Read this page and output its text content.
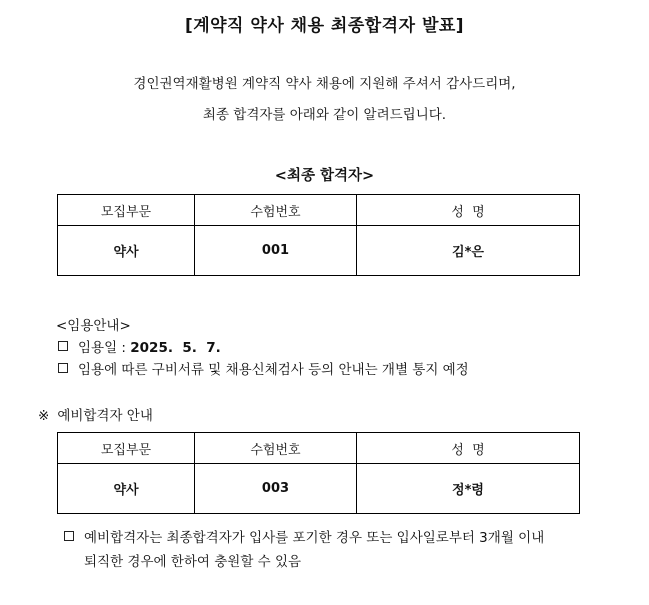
[계약직 약사 채용 최종합격자 발표]
경인권역재활병원 계약직 약사 채용에 지원해 주셔서 감사드리며,
최종 합격자를 아래와 같이 알려드립니다.
<최종 합격자>
모집부문	수험번호	성  명
약사	001	김*은
<임용안내>
임용일 : 2025.  5.  7.
임용에 따른 구비서류 및 채용신체검사 등의 안내는 개별 통지 예정
※ 예비합격자 안내
모집부문	수험번호	성  명
약사	003	정*령
예비합격자는 최종합격자가 입사를 포기한 경우 또는 입사일로부터 3개월 이내
퇴직한 경우에 한하여 충원할 수 있음
